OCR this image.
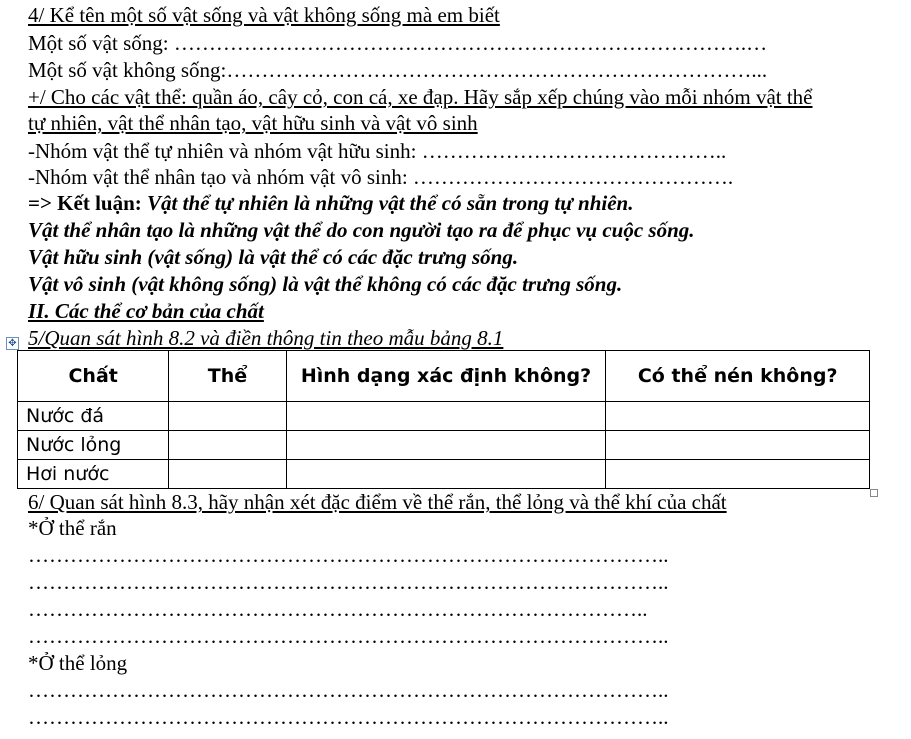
4/ Kể tên một số vật sống và vật không sống mà em biết
Một số vật sống: ……………………………………………………………………….…
Một số vật không sống:…………………………………………………………………...
+/ Cho các vật thể: quần áo, cây cỏ, con cá, xe đạp. Hãy sắp xếp chúng vào mỗi nhóm vật thể
tự nhiên, vật thể nhân tạo, vật hữu sinh và vật vô sinh
-Nhóm vật thể tự nhiên và nhóm vật hữu sinh: ……………………………………..
-Nhóm vật thể nhân tạo và nhóm vật vô sinh: ……………………………………….
=> Kết luận: Vật thể tự nhiên là những vật thể có sẵn trong tự nhiên.
Vật thể nhân tạo là những vật thể do con người tạo ra để phục vụ cuộc sống.
Vật hữu sinh (vật sống) là vật thể có các đặc trưng sống.
Vật vô sinh (vật không sống) là vật thể không có các đặc trưng sống.
II. Các thể cơ bản của chất
✥ 5/Quan sát hình 8.2 và điền thông tin theo mẫu bảng 8.1
Chất	Thể	Hình dạng xác định không?	Có thể nén không?
Nước đá			
Nước lỏng			
Hơi nước			
6/ Quan sát hình 8.3, hãy nhận xét đặc điểm về thể rắn, thể lỏng và thể khí của chất
*Ở thể rắn
………………………………………………………………………………..
………………………………………………………………………………..
……………………………………………………………………………..
………………………………………………………………………………..
*Ở thể lỏng
………………………………………………………………………………..
………………………………………………………………………………..
